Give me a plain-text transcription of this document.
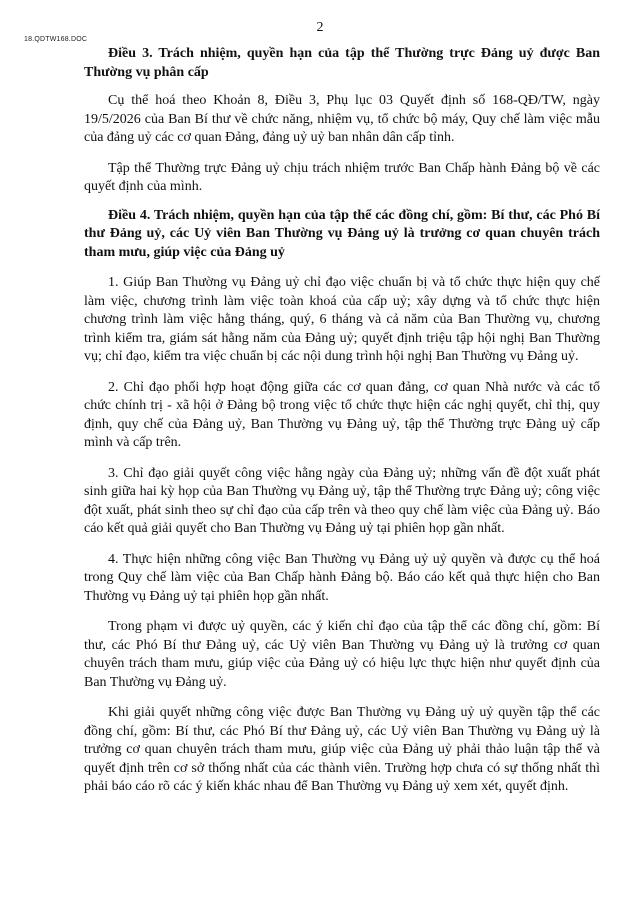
18.QDTW168.DOC
2

Điều 3. Trách nhiệm, quyền hạn của tập thể Thường trực Đảng uỷ được Ban Thường vụ phân cấp

Cụ thể hoá theo Khoản 8, Điều 3, Phụ lục 03 Quyết định số 168-QĐ/TW, ngày 19/5/2026 của Ban Bí thư về chức năng, nhiệm vụ, tổ chức bộ máy, Quy chế làm việc mẫu của đảng uỷ các cơ quan Đảng, đảng uỷ uỷ ban nhân dân cấp tỉnh.

Tập thể Thường trực Đảng uỷ chịu trách nhiệm trước Ban Chấp hành Đảng bộ về các quyết định của mình.

Điều 4. Trách nhiệm, quyền hạn của tập thể các đồng chí, gồm: Bí thư, các Phó Bí thư Đảng uỷ, các Uỷ viên Ban Thường vụ Đảng uỷ là trưởng cơ quan chuyên trách tham mưu, giúp việc của Đảng uỷ

1. Giúp Ban Thường vụ Đảng uỷ chỉ đạo việc chuẩn bị và tổ chức thực hiện quy chế làm việc, chương trình làm việc toàn khoá của cấp uỷ; xây dựng và tổ chức thực hiện chương trình làm việc hằng tháng, quý, 6 tháng và cả năm của Ban Thường vụ, chương trình kiểm tra, giám sát hằng năm của Đảng uỷ; quyết định triệu tập hội nghị Ban Thường vụ; chỉ đạo, kiểm tra việc chuẩn bị các nội dung trình hội nghị Ban Thường vụ Đảng uỷ.

2. Chỉ đạo phối hợp hoạt động giữa các cơ quan đảng, cơ quan Nhà nước và các tổ chức chính trị - xã hội ở Đảng bộ trong việc tổ chức thực hiện các nghị quyết, chỉ thị, quy định, quy chế của Đảng uỷ, Ban Thường vụ Đảng uỷ, tập thể Thường trực Đảng uỷ cấp mình và cấp trên.

3. Chỉ đạo giải quyết công việc hằng ngày của Đảng uỷ; những vấn đề đột xuất phát sinh giữa hai kỳ họp của Ban Thường vụ Đảng uỷ, tập thể Thường trực Đảng uỷ; công việc đột xuất, phát sinh theo sự chỉ đạo của cấp trên và theo quy chế làm việc của Đảng uỷ. Báo cáo kết quả giải quyết cho Ban Thường vụ Đảng uỷ tại phiên họp gần nhất.

4. Thực hiện những công việc Ban Thường vụ Đảng uỷ uỷ quyền và được cụ thể hoá trong Quy chế làm việc của Ban Chấp hành Đảng bộ. Báo cáo kết quả thực hiện cho Ban Thường vụ Đảng uỷ tại phiên họp gần nhất.

Trong phạm vi được uỷ quyền, các ý kiến chỉ đạo của tập thể các đồng chí, gồm: Bí thư, các Phó Bí thư Đảng uỷ, các Uỷ viên Ban Thường vụ Đảng uỷ là trưởng cơ quan chuyên trách tham mưu, giúp việc của Đảng uỷ có hiệu lực thực hiện như quyết định của Ban Thường vụ Đảng uỷ.

Khi giải quyết những công việc được Ban Thường vụ Đảng uỷ uỷ quyền tập thể các đồng chí, gồm: Bí thư, các Phó Bí thư Đảng uỷ, các Uỷ viên Ban Thường vụ Đảng uỷ là trưởng cơ quan chuyên trách tham mưu, giúp việc của Đảng uỷ phải thảo luận tập thể và quyết định trên cơ sở thống nhất của các thành viên. Trường hợp chưa có sự thống nhất thì phải báo cáo rõ các ý kiến khác nhau để Ban Thường vụ Đảng uỷ xem xét, quyết định.
